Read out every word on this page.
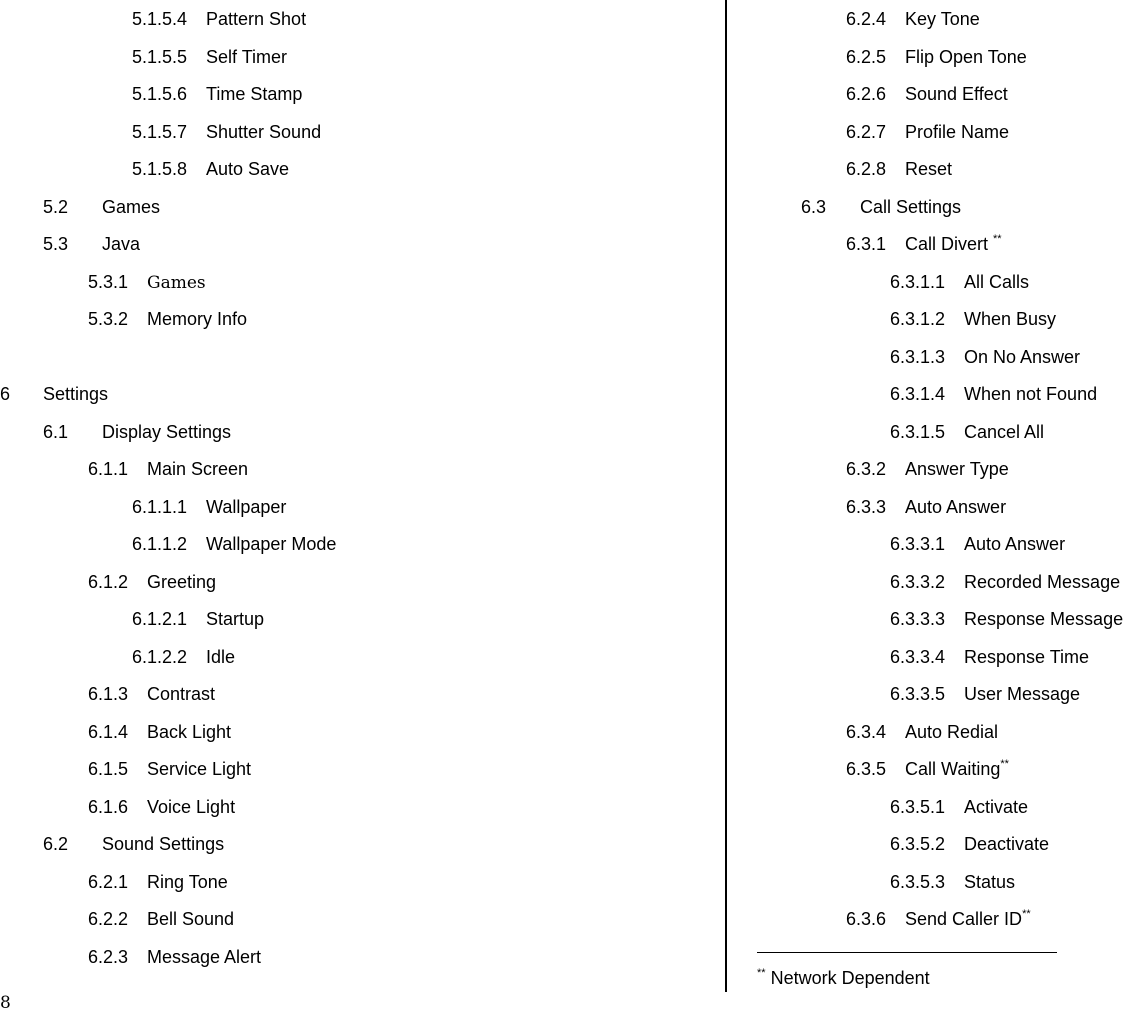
5.1.5.4 Pattern Shot
5.1.5.5 Self Timer
5.1.5.6 Time Stamp
5.1.5.7 Shutter Sound
5.1.5.8 Auto Save
5.2 Games
5.3 Java
5.3.1 Games
5.3.2 Memory Info
6 Settings
6.1 Display Settings
6.1.1 Main Screen
6.1.1.1 Wallpaper
6.1.1.2 Wallpaper Mode
6.1.2 Greeting
6.1.2.1 Startup
6.1.2.2 Idle
6.1.3 Contrast
6.1.4 Back Light
6.1.5 Service Light
6.1.6 Voice Light
6.2 Sound Settings
6.2.1 Ring Tone
6.2.2 Bell Sound
6.2.3 Message Alert
6.2.4 Key Tone
6.2.5 Flip Open Tone
6.2.6 Sound Effect
6.2.7 Profile Name
6.2.8 Reset
6.3 Call Settings
6.3.1 Call Divert **
6.3.1.1 All Calls
6.3.1.2 When Busy
6.3.1.3 On No Answer
6.3.1.4 When not Found
6.3.1.5 Cancel All
6.3.2 Answer Type
6.3.3 Auto Answer
6.3.3.1 Auto Answer
6.3.3.2 Recorded Message
6.3.3.3 Response Message
6.3.3.4 Response Time
6.3.3.5 User Message
6.3.4 Auto Redial
6.3.5 Call Waiting**
6.3.5.1 Activate
6.3.5.2 Deactivate
6.3.5.3 Status
6.3.6 Send Caller ID**
** Network Dependent
8
